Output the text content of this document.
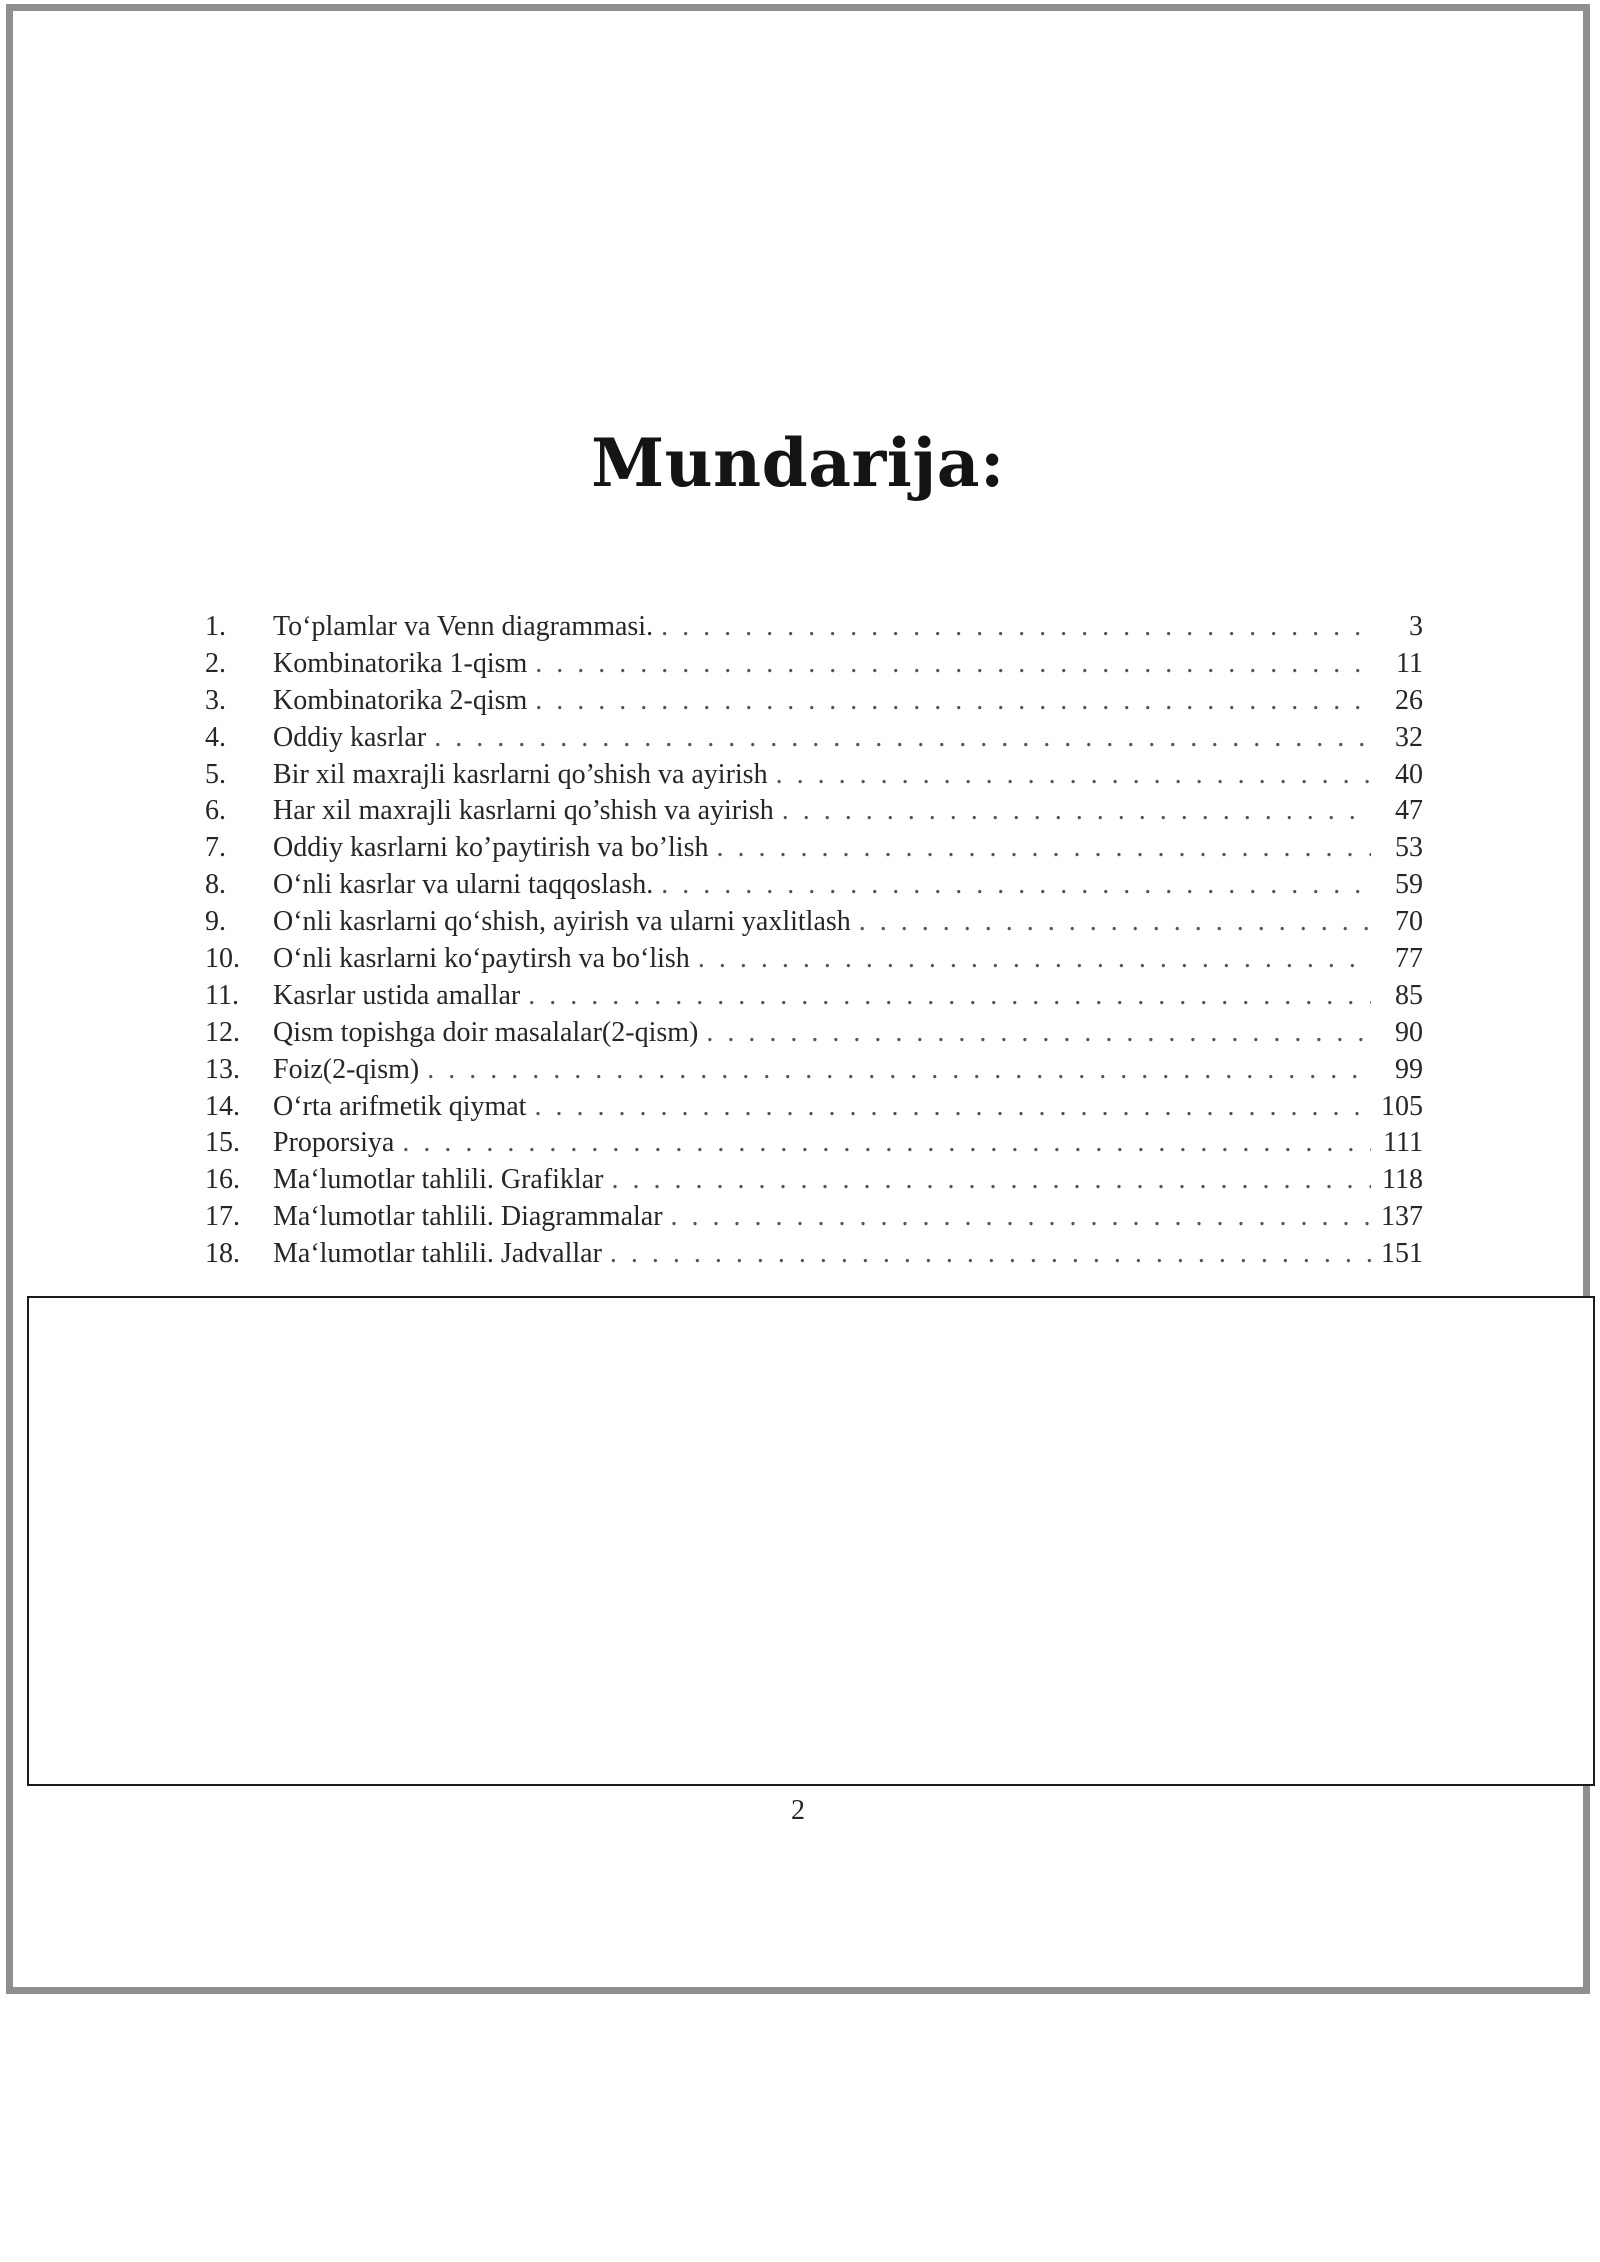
Mundarija:
1.	To‘plamlar va Venn diagrammasi. . . .	3
2.	Kombinatorika 1-qism . . .	11
3.	Kombinatorika 2-qism . . .	26
4.	Oddiy kasrlar . . .	32
5.	Bir xil maxrajli kasrlarni qo’shish va ayirish . . .	40
6.	Har xil maxrajli kasrlarni qo’shish va ayirish . . .	47
7.	Oddiy kasrlarni ko’paytirish va bo’lish . . .	53
8.	O‘nli kasrlar va ularni taqqoslash. . . .	59
9.	O‘nli kasrlarni qo‘shish, ayirish va ularni yaxlitlash . . .	70
10.	O‘nli kasrlarni ko‘paytirsh va bo‘lish . . .	77
11.	Kasrlar ustida amallar . . .	85
12.	Qism topishga doir masalalar(2-qism) . . .	90
13.	Foiz(2-qism) . . .	99
14.	O‘rta arifmetik qiymat . . .	105
15.	Proporsiya . . .	111
16.	Ma‘lumotlar tahlili. Grafiklar . . .	118
17.	Ma‘lumotlar tahlili. Diagrammalar . . .	137
18.	Ma‘lumotlar tahlili. Jadvallar . . .	151
2
